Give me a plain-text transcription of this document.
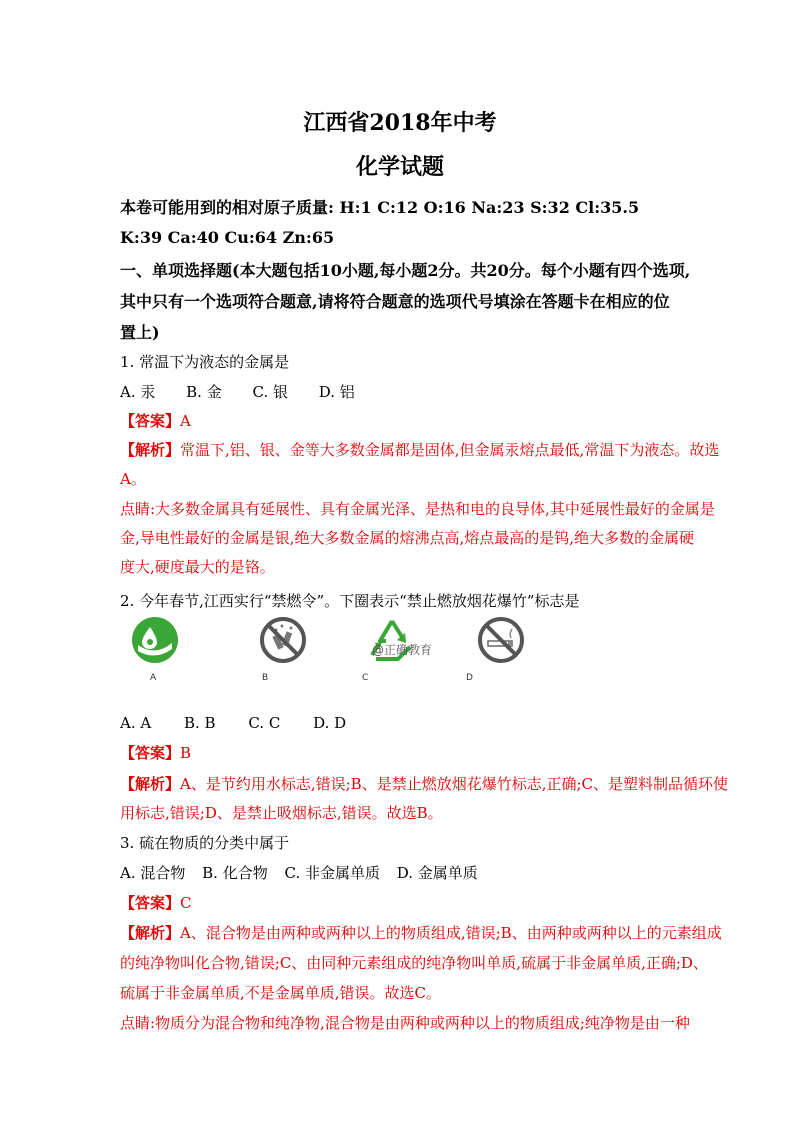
江西省2018年中考
化学试题
本卷可能用到的相对原子质量: H:1 C:12 O:16 Na:23 S:32 Cl:35.5
K:39 Ca:40 Cu:64 Zn:65
一、单项选择题(本大题包括10小题,每小题2分。共20分。每个小题有四个选项,
其中只有一个选项符合题意,请将符合题意的选项代号填涂在答题卡在相应的位
置上)
1. 常温下为液态的金属是
A. 汞 B. 金 C. 银 D. 铝
【答案】A
【解析】常温下,铝、银、金等大多数金属都是固体,但金属汞熔点最低,常温下为液态。故选
A。
点睛:大多数金属具有延展性、具有金属光泽、是热和电的良导体,其中延展性最好的金属是
金,导电性最好的金属是银,绝大多数金属的熔沸点高,熔点最高的是钨,绝大多数的金属硬
度大,硬度最大的是铬。
2. 今年春节,江西实行“禁燃令”。下圈表示“禁止燃放烟花爆竹”标志是
A	B	C
@正确教育
D
A. A B. B C. C D. D
【答案】B
【解析】A、是节约用水标志,错误;B、是禁止燃放烟花爆竹标志,正确;C、是塑料制品循环使
用标志,错误;D、是禁止吸烟标志,错误。故选B。
3. 硫在物质的分类中属于
A. 混合物 B. 化合物 C. 非金属单质 D. 金属单质
【答案】C
【解析】A、混合物是由两种或两种以上的物质组成,错误;B、由两种或两种以上的元素组成
的纯净物叫化合物,错误;C、由同种元素组成的纯净物叫单质,硫属于非金属单质,正确;D、
硫属于非金属单质,不是金属单质,错误。故选C。
点睛:物质分为混合物和纯净物,混合物是由两种或两种以上的物质组成;纯净物是由一种
